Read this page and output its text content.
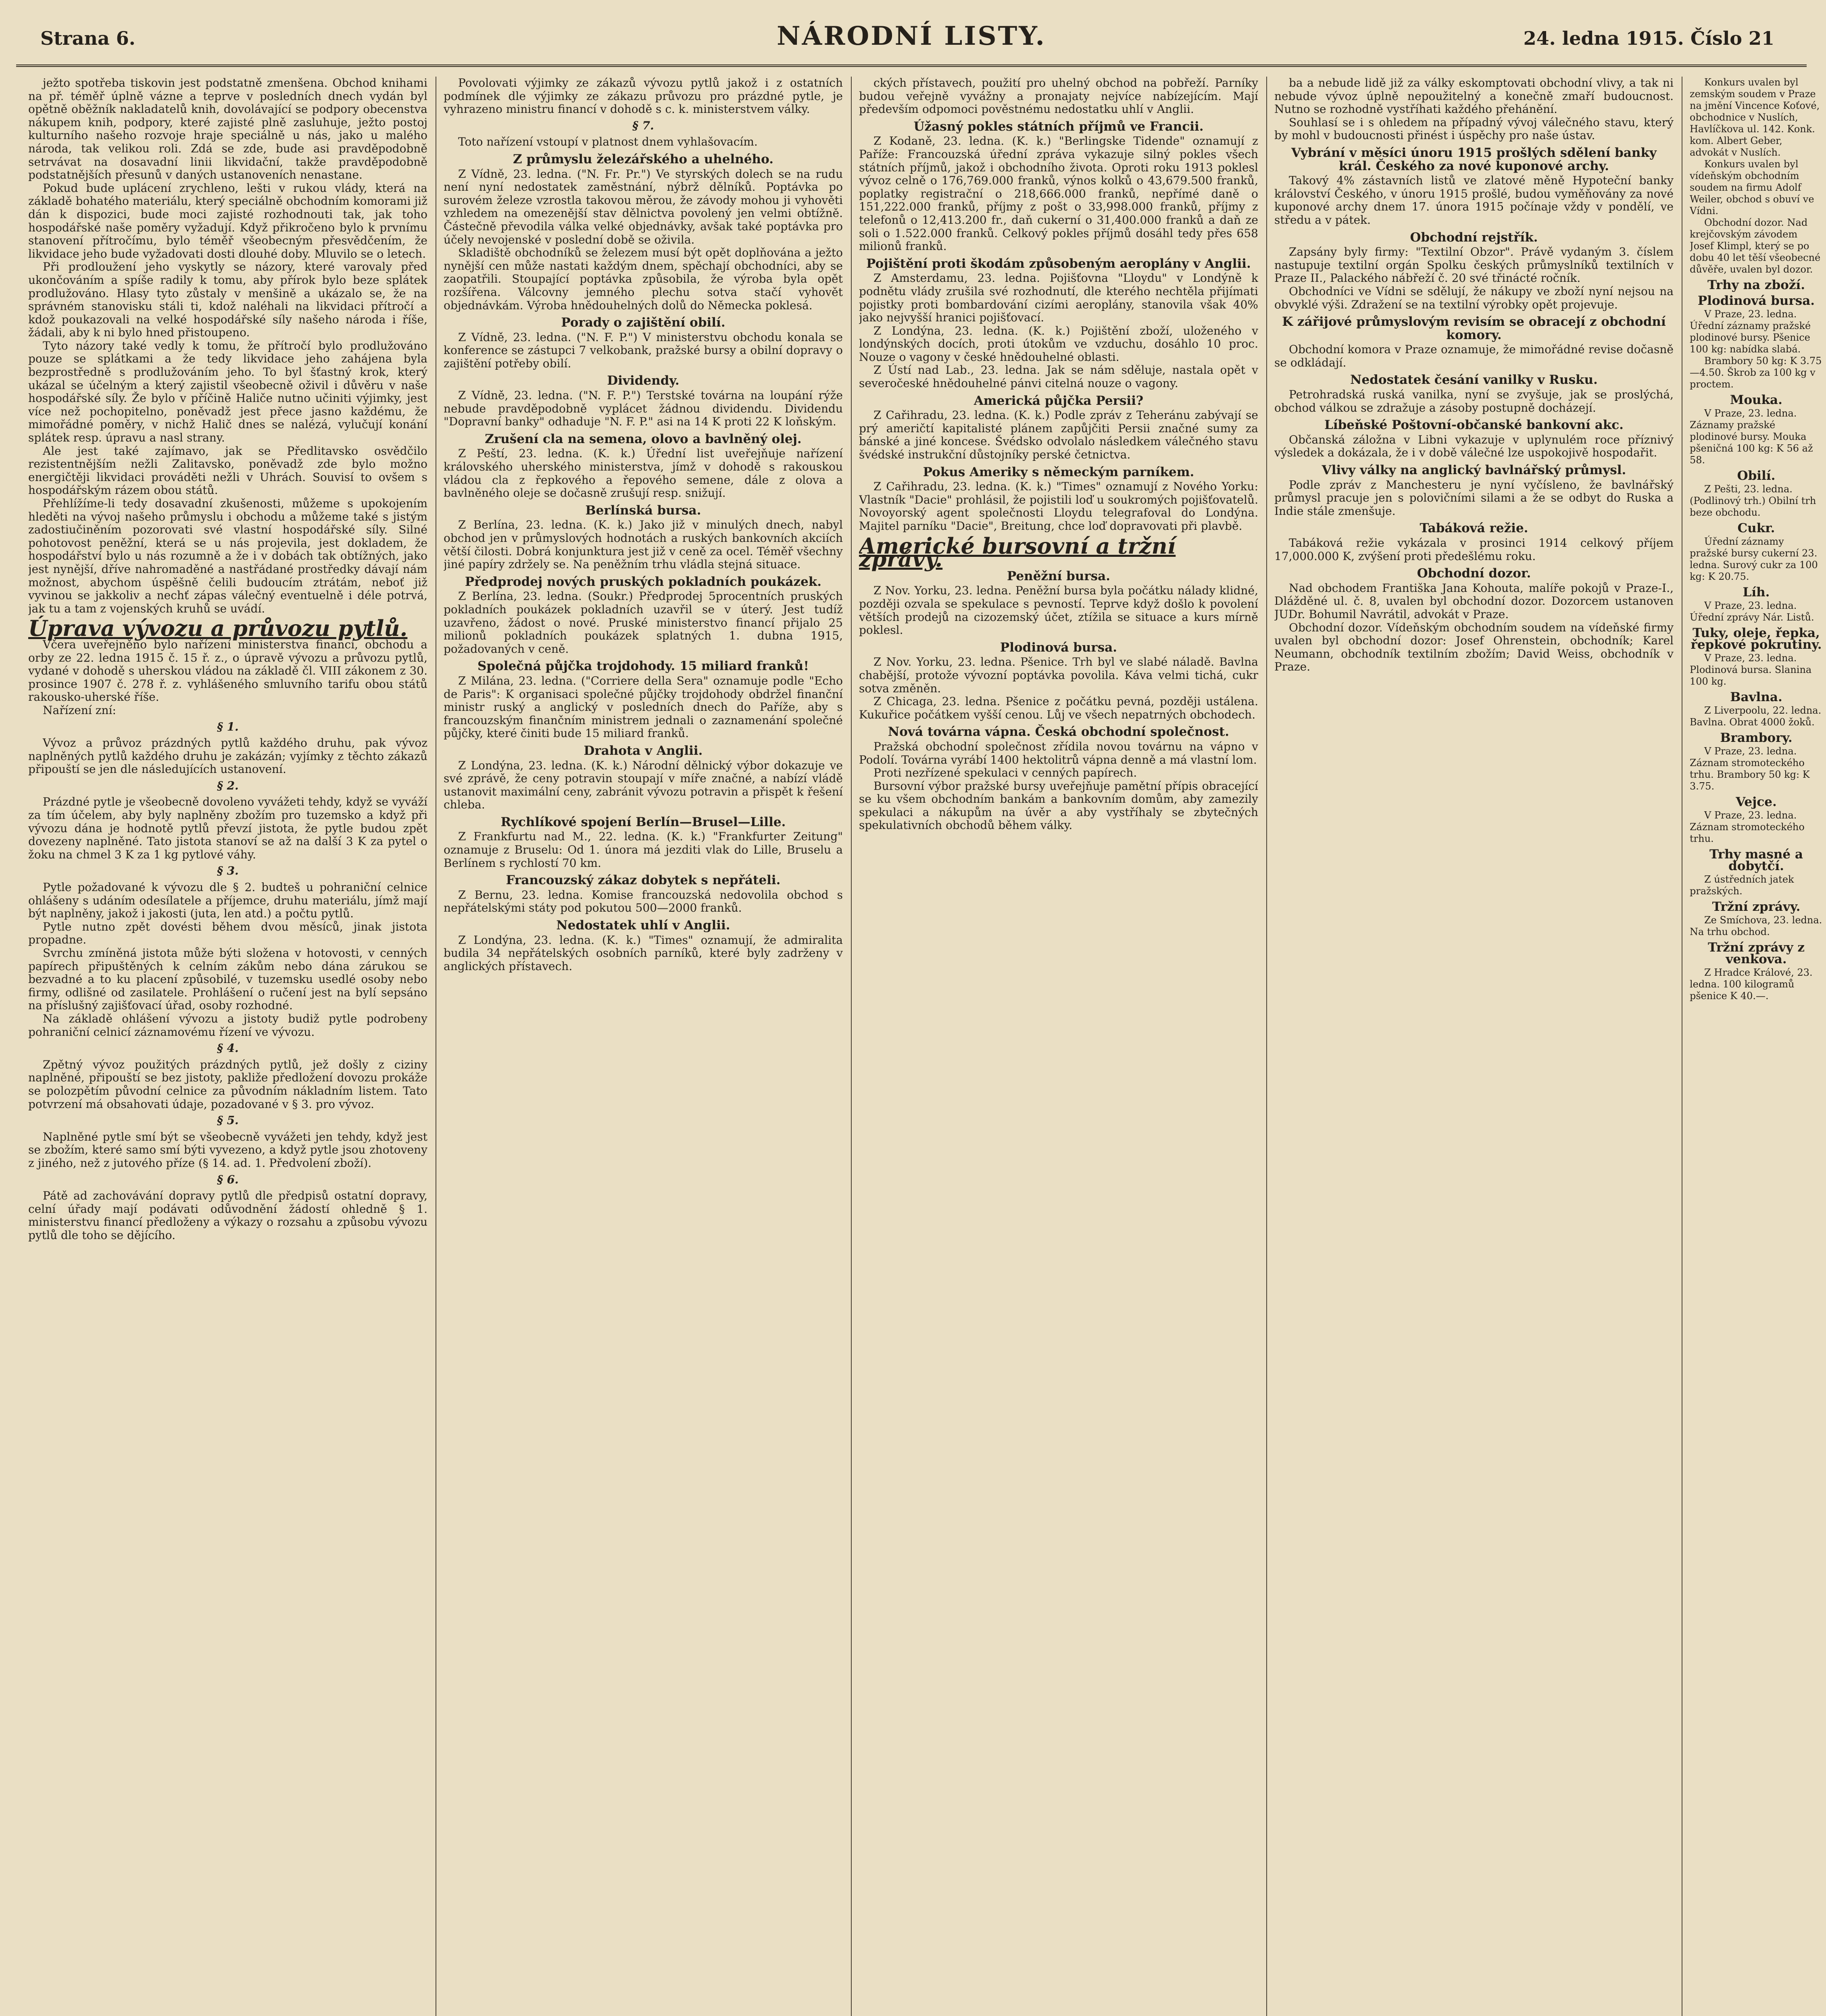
Strana 6.	NÁRODNÍ LISTY.	24. ledna 1915. Číslo 21

ježto spotřeba tiskovin jest podstatně zmenšena. Obchod knihami na př. téměř úplně vázne a teprve v posledních dnech vydán byl opětně oběžník nakladatelů knih, dovolávající se podpory obecenstva nákupem knih, podpory, které zajisté plně zasluhuje, ježto postoj kulturního našeho rozvoje hraje speciálně u nás, jako u malého národa, tak velikou roli. Zdá se zde, bude asi pravděpodobně setrvávat na dosavadní linii likvidační, takže pravděpodobně podstatnějších přesunů v daných ustanoveních nenastane.

Pokud bude uplácení zrychleno, lešti v rukou vlády, která na základě bohatého materiálu, který speciálně obchodním komorami již dán k dispozici, bude moci zajisté rozhodnouti tak, jak toho hospodářské naše poměry vyžadují. Když přikročeno bylo k prvnímu stanovení přítročímu, bylo téměř všeobecným přesvědčením, že likvidace jeho bude vyžadovati dosti dlouhé doby. Mluvilo se o letech.

Při prodloužení jeho vyskytly se názory, které varovaly před ukončováním a spíše radily k tomu, aby přírok bylo beze splátek prodlužováno. Hlasy tyto zůstaly v menšině a ukázalo se, že na správném stanovisku stáli ti, kdož naléhali na likvidaci přítročí a kdož poukazovali na velké hospodářské síly našeho národa i říše, žádali, aby k ni bylo hned přistoupeno.

Tyto názory také vedly k tomu, že přítročí bylo prodlužováno pouze se splátkami a že tedy likvidace jeho zahájena byla bezprostředně s prodlužováním jeho. To byl šťastný krok, který ukázal se účelným a který zajistil všeobecně oživil i důvěru v naše hospodářské síly. Že bylo v příčině Haliče nutno učiniti výjimky, jest více než pochopitelno, poněvadž jest přece jasno každému, že mimořádné poměry, v nichž Halič dnes se nalézá, vylučují konání splátek resp. úpravu a nasl strany.

Ale jest také zajímavo, jak se Předlitavsko osvědčilo rezistentnějším nežli Zalitavsko, poněvadž zde bylo možno energičtěji likvidaci prováděti nežli v Uhrách. Souvisí to ovšem s hospodářským rázem obou států.

Přehlížíme-li tedy dosavadní zkušenosti, můžeme s upokojením hleděti na vývoj našeho průmyslu i obchodu a můžeme také s jistým zadostiučiněním pozorovati své vlastní hospodářské síly. Silné pohotovost peněžní, která se u nás projevila, jest dokladem, že hospodářství bylo u nás rozumně a že i v dobách tak obtížných, jako jest nynější, dříve nahromaděné a nastřádané prostředky dávají nám možnost, abychom úspěšně čelili budoucím ztrátám, neboť již vyvinou se jakkoliv a nechť zápas válečný eventuelně i déle potrvá, jak tu a tam z vojenských kruhů se uvádí.

Úprava vývozu a průvozu pytlů.

Včera uveřejněno bylo nařízení ministerstva financí, obchodu a orby ze 22. ledna 1915 č. 15 ř. z., o úpravě vývozu a průvozu pytlů, vydané v dohodě s uherskou vládou na základě čl. VIII zákonem z 30. prosince 1907 č. 278 ř. z. vyhlášeného smluvního tarifu obou států rakousko-uherské říše.

Nařízení zní:

§ 1.

Vývoz a průvoz prázdných pytlů každého druhu, pak vývoz naplněných pytlů každého druhu je zakázán; vyjímky z těchto zákazů připouští se jen dle následujících ustanovení.

§ 2.

Prázdné pytle je všeobecně dovoleno vyvážeti tehdy, když se vyváží za tím účelem, aby byly naplněny zbožím pro tuzemsko a když při vývozu dána je hodnotě pytlů převzí jistota, že pytle budou zpět dovezeny naplněné. Tato jistota stanoví se až na další 3 K za pytel o žoku na chmel 3 K za 1 kg pytlové váhy.

§ 3.

Pytle požadované k vývozu dle § 2. budteš u pohraniční celnice ohlášeny s udáním odesílatele a příjemce, druhu materiálu, jímž mají být naplněny, jakož i jakosti (juta, len atd.) a počtu pytlů.

Pytle nutno zpět dovésti během dvou měsíců, jinak jistota propadne.

Svrchu zmíněná jistota může býti složena v hotovosti, v cenných papírech připuštěných k celním zákům nebo dána zárukou se bezvadné a to ku placení způsobilé, v tuzemsku usedlé osoby nebo firmy, odlišné od zasilatele. Prohlášení o ručení jest na bylí sepsáno na příslušný zajišťovací úřad, osoby rozhodné.

Na základě ohlášení vývozu a jistoty budiž pytle podrobeny pohraniční celnicí záznamovému řízení ve vývozu.

§ 4.

Zpětný vývoz použitých prázdných pytlů, jež došly z ciziny naplněné, připouští se bez jistoty, pakliže předložení dovozu prokáže se polozpětím původní celnice za původním nákladním listem. Tato potvrzení má obsahovati údaje, pozadované v § 3. pro vývoz.

§ 5.

Naplněné pytle smí být se všeobecně vyvážeti jen tehdy, když jest se zbožím, které samo smí býti vyvezeno, a když pytle jsou zhotoveny z jiného, než z jutového příze (§ 14. ad. 1. Předvolení zboží).

§ 6.

Pátě ad zachovávání dopravy pytlů dle předpisů ostatní dopravy, celní úřady mají podávati odůvodnění žádostí ohledně § 1. ministerstvu financí předloženy a výkazy o rozsahu a způsobu vývozu pytlů dle toho se dějícího.

Povolovati výjimky ze zákazů vývozu pytlů jakož i z ostatních podmínek dle výjimky ze zákazu průvozu pro prázdné pytle, je vyhrazeno ministru financí v dohodě s c. k. ministerstvem války.

§ 7.

Toto nařízení vstoupí v platnost dnem vyhlašovacím.

Z průmyslu železářského a uhelného.

Z Vídně, 23. ledna. ("N. Fr. Pr.") Ve styrských dolech se na rudu není nyní nedostatek zaměstnání, nýbrž dělníků. Poptávka po surovém železe vzrostla takovou měrou, že závody mohou ji vyhověti vzhledem na omezenější stav dělnictva povolený jen velmi obtížně. Částečně převodila válka velké objednávky, avšak také poptávka pro účely nevojenské v poslední době se oživila.

Skladiště obchodníků se železem musí být opět doplňována a ježto nynější cen může nastati každým dnem, spěchají obchodníci, aby se zaopatřili. Stoupající poptávka způsobila, že výroba byla opět rozšířena. Válcovny jemného plechu sotva stačí vyhovět objednávkám. Výroba hnědouhelných dolů do Německa poklesá.

Porady o zajištění obilí.

Z Vídně, 23. ledna. ("N. F. P.") V ministerstvu obchodu konala se konference se zástupci 7 velkobank, pražské bursy a obilní dopravy o zajištění potřeby obilí.

Dividendy.

Z Vídně, 23. ledna. ("N. F. P.") Terstské továrna na loupání rýže nebude pravděpodobně vyplácet žádnou dividendu. Dividendu "Dopravní banky" odhaduje "N. F. P." asi na 14 K proti 22 K loňským.

Zrušení cla na semena, olovo a bavlněný olej.

Z Peští, 23. ledna. (K. k.) Úřední list uveřejňuje nařízení královského uherského ministerstva, jímž v dohodě s rakouskou vládou cla z řepkového a řepového semene, dále z olova a bavlněného oleje se dočasně zrušují resp. snižují.

Berlínská bursa.

Z Berlína, 23. ledna. (K. k.) Jako již v minulých dnech, nabyl obchod jen v průmyslových hodnotách a ruských bankovních akciích větší čilosti. Dobrá konjunktura jest již v ceně za ocel. Téměř všechny jiné papíry zdržely se. Na peněžním trhu vládla stejná situace.

Předprodej nových pruských pokladních poukázek.

Z Berlína, 23. ledna. (Soukr.) Předprodej 5procentních pruských pokladních poukázek pokladních uzavřil se v úterý. Jest tudíž uzavřeno, žádost o nové. Pruské ministerstvo financí přijalo 25 milionů pokladních poukázek splatných 1. dubna 1915, požadovaných v ceně.

Společná půjčka trojdohody. 15 miliard franků!

Z Milána, 23. ledna. ("Corriere della Sera" oznamuje podle "Echo de Paris": K organisaci společné půjčky trojdohody obdržel finanční ministr ruský a anglický v posledních dnech do Paříže, aby s francouzským finančním ministrem jednali o zaznamenání společné půjčky, které činiti bude 15 miliard franků.

Drahota v Anglii.

Z Londýna, 23. ledna. (K. k.) Národní dělnický výbor dokazuje ve své zprávě, že ceny potravin stoupají v míře značné, a nabízí vládě ustanovit maximální ceny, zabránit vývozu potravin a přispět k řešení chleba.

Rychlíkové spojení Berlín—Brusel—Lille.

Z Frankfurtu nad M., 22. ledna. (K. k.) "Frankfurter Zeitung" oznamuje z Bruselu: Od 1. února má jezditi vlak do Lille, Bruselu a Berlínem s rychlostí 70 km.

Francouzský zákaz dobytek s nepřáteli.

Z Bernu, 23. ledna. Komise francouzská nedovolila obchod s nepřátelskými státy pod pokutou 500—2000 franků.

Nedostatek uhlí v Anglii.

Z Londýna, 23. ledna. (K. k.) "Times" oznamují, že admiralita budila 34 nepřátelských osobních parníků, které byly zadrženy v anglických přístavech.

ckých přístavech, použití pro uhelný obchod na pobřeží. Parníky budou veřejně vyvážny a pronajaty nejvíce nabízejícím. Mají především odpomoci pověstnému nedostatku uhlí v Anglii.

Úžasný pokles státních příjmů ve Francii.

Z Kodaně, 23. ledna. (K. k.) "Berlingske Tidende" oznamují z Paříže: Francouzská úřední zpráva vykazuje silný pokles všech státních příjmů, jakož i obchodního života. Oproti roku 1913 poklesl vývoz celně o 176,769.000 franků, výnos kolků o 43,679.500 franků, poplatky registrační o 218,666.000 franků, nepřímé daně o 151,222.000 franků, příjmy z pošt o 33,998.000 franků, příjmy z telefonů o 12,413.200 fr., daň cukerní o 31,400.000 franků a daň ze soli o 1.522.000 franků. Celkový pokles příjmů dosáhl tedy přes 658 milionů franků.

Pojištění proti škodám způsobeným aeroplány v Anglii.

Z Amsterdamu, 23. ledna. Pojišťovna "Lloydu" v Londýně k podnětu vlády zrušila své rozhodnutí, dle kterého nechtěla přijímati pojistky proti bombardování cizími aeroplány, stanovila však 40% jako nejvyšší hranici pojišťovací.

Z Londýna, 23. ledna. (K. k.) Pojištění zboží, uloženého v londýnských docích, proti útokům ve vzduchu, dosáhlo 10 proc. Nouze o vagony v české hnědouhelné oblasti.

Z Ústí nad Lab., 23. ledna. Jak se nám sděluje, nastala opět v severočeské hnědouhelné pánvi citelná nouze o vagony.

Americká půjčka Persii?

Z Cařihradu, 23. ledna. (K. k.) Podle zpráv z Teheránu zabývají se prý američtí kapitalisté plánem zapůjčiti Persii značné sumy za bánské a jiné koncese. Švédsko odvolalo následkem válečného stavu švédské instrukční důstojníky perské četnictva.

Pokus Ameriky s německým parníkem.

Z Cařihradu, 23. ledna. (K. k.) "Times" oznamují z Nového Yorku: Vlastník "Dacie" prohlásil, že pojistili loď u soukromých pojišťovatelů. Novoyorský agent společnosti Lloydu telegrafoval do Londýna. Majitel parníku "Dacie", Breitung, chce loď dopravovati při plavbě.

Americké bursovní a tržní zprávy.
Peněžní bursa.

Z Nov. Yorku, 23. ledna. Peněžní bursa byla počátku nálady klidné, později ozvala se spekulace s pevností. Teprve když došlo k povolení větších prodejů na cizozemský účet, ztížila se situace a kurs mírně poklesl.

Plodinová bursa.

Z Nov. Yorku, 23. ledna. Pšenice. Trh byl ve slabé náladě. Bavlna chabější, protože vývozní poptávka povolila. Káva velmi tichá, cukr sotva změněn.

Z Chicaga, 23. ledna. Pšenice z počátku pevná, později ustálena. Kukuřice počátkem vyšší cenou. Lůj ve všech nepatrných obchodech.

Nová továrna vápna. Česká obchodní společnost.

Pražská obchodní společnost zřídila novou továrnu na vápno v Podolí. Továrna vyrábí 1400 hektolitrů vápna denně a má vlastní lom.

Proti nezřízené spekulaci v cenných papírech.

Bursovní výbor pražské bursy uveřejňuje pamětní přípis obracející se ku všem obchodním bankám a bankovním domům, aby zamezily spekulaci a nákupům na úvěr a aby vystříhaly se zbytečných spekulativních obchodů během války.

ba a nebude lidě již za války eskomptovati obchodní vlivy, a tak ni nebude vývoz úplně nepoužitelný a konečně zmaří budoucnost. Nutno se rozhodně vystříhati každého přehánění.

Souhlasí se i s ohledem na případný vývoj válečného stavu, který by mohl v budoucnosti přinést i úspěchy pro naše ústav.

Vybrání v měsíci únoru 1915 prošlých sdělení banky král. Českého za nové kuponové archy.

Takový 4% zástavních listů ve zlatové měně Hypoteční banky království Českého, v únoru 1915 prošlé, budou vyměňovány za nové kuponové archy dnem 17. února 1915 počínaje vždy v pondělí, ve středu a v pátek.

Obchodní rejstřík.

Zapsány byly firmy: "Textilní Obzor". Právě vydaným 3. číslem nastupuje textilní orgán Spolku českých průmyslníků textilních v Praze II., Palackého nábřeží č. 20 své třinácté ročník.

Obchodníci ve Vídni se sdělují, že nákupy ve zboží nyní nejsou na obvyklé výši. Zdražení se na textilní výrobky opět projevuje.

K zářijové průmyslovým revisím se obracejí z obchodní komory.

Obchodní komora v Praze oznamuje, že mimořádné revise dočasně se odkládají.

Nedostatek česání vanilky v Rusku.

Petrohradská ruská vanilka, nyní se zvyšuje, jak se proslýchá, obchod válkou se zdražuje a zásoby postupně docházejí.

Líbeňské Poštovní-občanské bankovní akc.

Občanská záložna v Libni vykazuje v uplynulém roce příznivý výsledek a dokázala, že i v době válečné lze uspokojivě hospodařit.

Vlivy války na anglický bavlnářský průmysl.

Podle zpráv z Manchesteru je nyní vyčísleno, že bavlnářský průmysl pracuje jen s polovičními silami a že se odbyt do Ruska a Indie stále zmenšuje.

Tabáková režie.

Tabáková režie vykázala v prosinci 1914 celkový příjem 17,000.000 K, zvýšení proti předešlému roku.

Obchodní dozor.

Nad obchodem Františka Jana Kohouta, malíře pokojů v Praze-I., Dlážděné ul. č. 8, uvalen byl obchodní dozor. Dozorcem ustanoven JUDr. Bohumil Navrátil, advokát v Praze.

Obchodní dozor. Vídeňským obchodním soudem na vídeňské firmy uvalen byl obchodní dozor: Josef Ohrenstein, obchodník; Karel Neumann, obchodník textilním zbožím; David Weiss, obchodník v Praze.

Konkurs uvalen byl zemským soudem v Praze na jmění Vincence Koťové, obchodnice v Nuslích, Havlíčkova ul. 142. Konk. kom. Albert Geber, advokát v Nuslích.

Konkurs uvalen byl vídeňským obchodním soudem na firmu Adolf Weiler, obchod s obuví ve Vídni.

Obchodní dozor. Nad krejčovským závodem Josef Klimpl, který se po dobu 40 let těší všeobecné důvěře, uvalen byl dozor.

Trhy na zboží.
Plodinová bursa.

V Praze, 23. ledna. Úřední záznamy pražské plodinové bursy. Pšenice 100 kg: nabídka slabá.

Brambory 50 kg: K 3.75—4.50. Škrob za 100 kg v proctem.

Mouka.

V Praze, 23. ledna. Záznamy pražské plodinové bursy. Mouka pšeničná 100 kg: K 56 až 58.

Obilí.

Z Pešti, 23. ledna. (Podlinový trh.) Obilní trh beze obchodu.

Cukr.

Úřední záznamy pražské bursy cukerní 23. ledna. Surový cukr za 100 kg: K 20.75.

Líh.

V Praze, 23. ledna. Úřední zprávy Nár. Listů.

Tuky, oleje, řepka, řepkové pokrutiny.

V Praze, 23. ledna. Plodinová bursa. Slanina 100 kg.

Bavlna.

Z Liverpoolu, 22. ledna. Bavlna. Obrat 4000 žoků.

Brambory.

V Praze, 23. ledna. Záznam stromoteckého trhu. Brambory 50 kg: K 3.75.

Vejce.

V Praze, 23. ledna. Záznam stromoteckého trhu.

Trhy masné a dobytčí.

Z ústředních jatek pražských.

Tržní zprávy.

Ze Smíchova, 23. ledna. Na trhu obchod.

Tržní zprávy z venkova.

Z Hradce Králové, 23. ledna. 100 kilogramů pšenice K 40.—.
